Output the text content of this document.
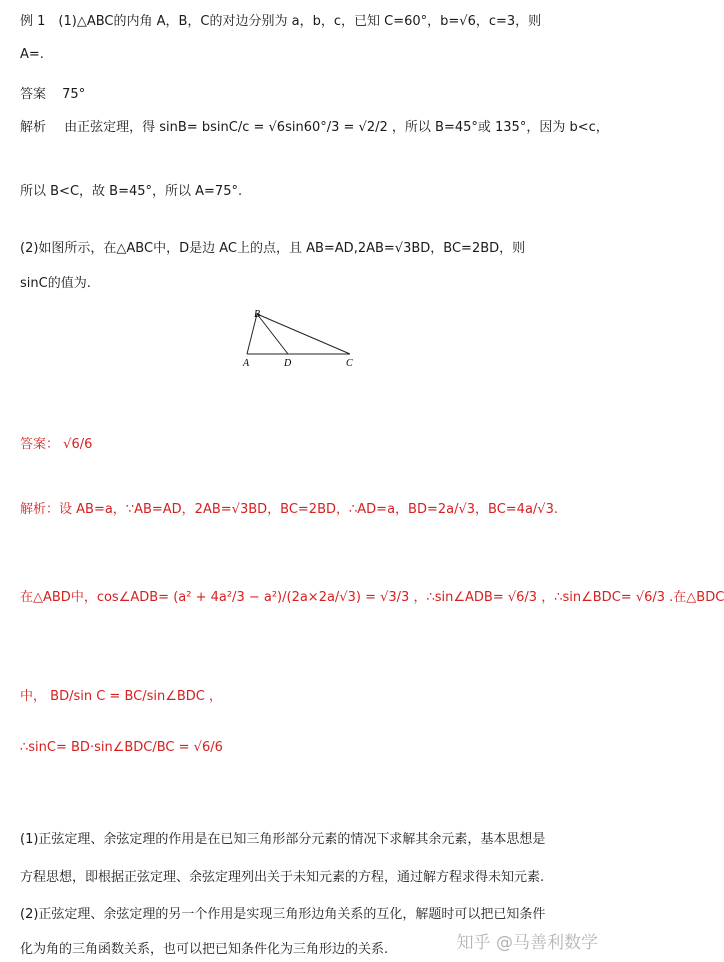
例 1　(1)△ABC的内角 A，B，C的对边分别为 a，b，c，已知 C=60°，b=√6，c=3，则
A=.
答案 75°
解析 由正弦定理，得 sinB= bsinC/c = √6sin60°/3 = √2/2 ，所以 B=45°或 135°，因为 b<c，
所以 B<C，故 B=45°，所以 A=75°.
(2)如图所示，在△ABC中，D是边 AC上的点，且 AB=AD,2AB=√3BD，BC=2BD，则
sinC的值为.
B
A	D	C
答案： √6/6
解析：设 AB=a，∵AB=AD，2AB=√3BD，BC=2BD，∴AD=a，BD=2a/√3，BC=4a/√3.
在△ABD中，cos∠ADB= (a² + 4a²/3 − a²)/(2a×2a/√3) = √3/3 ，∴sin∠ADB= √6/3 ，∴sin∠BDC= √6/3 .在△BDC
中， BD/sin C = BC/sin∠BDC ，
∴sinC= BD·sin∠BDC/BC = √6/6
(1)正弦定理、余弦定理的作用是在已知三角形部分元素的情况下求解其余元素，基本思想是
方程思想，即根据正弦定理、余弦定理列出关于未知元素的方程，通过解方程求得未知元素.
(2)正弦定理、余弦定理的另一个作用是实现三角形边角关系的互化，解题时可以把已知条件
化为角的三角函数关系，也可以把已知条件化为三角形边的关系.	知乎 @马善利数学
